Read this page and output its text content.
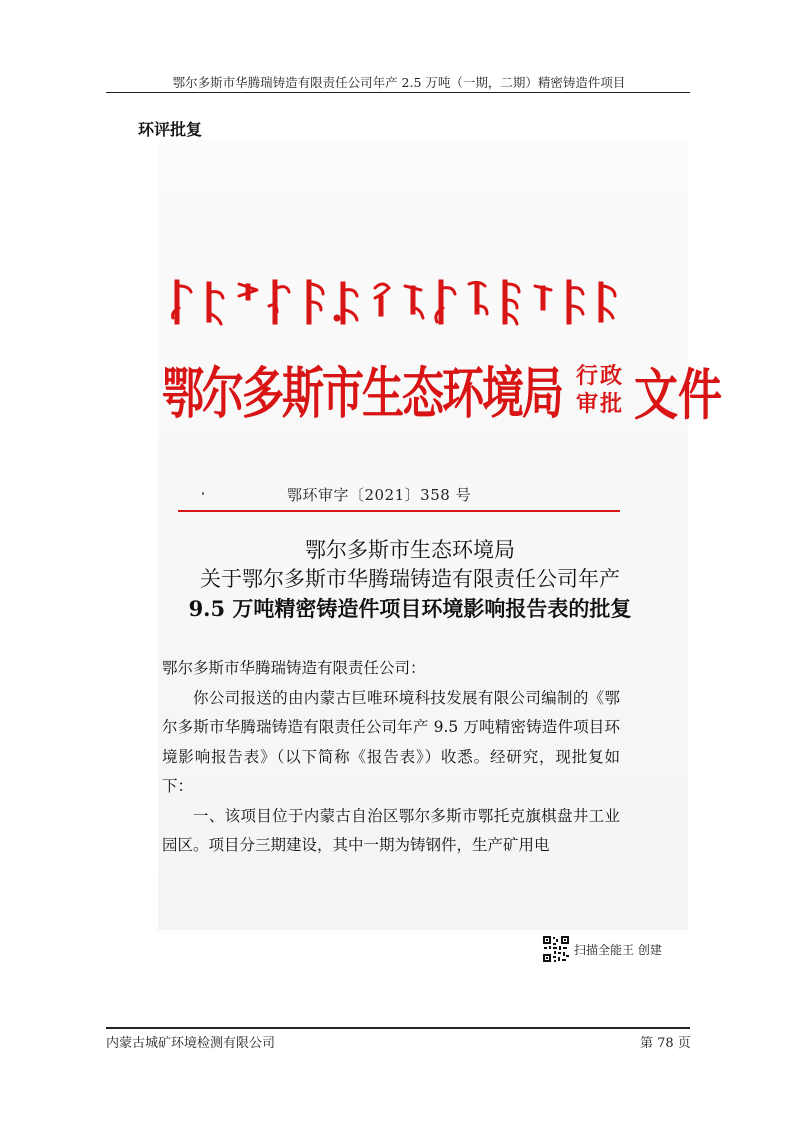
鄂尔多斯市华腾瑞铸造有限责任公司年产 2.5 万吨（一期，二期）精密铸造件项目
环评批复
鄂尔多斯市生态环境局 行政
审批 文件
鄂环审字〔2021〕358 号
鄂尔多斯市生态环境局
关于鄂尔多斯市华腾瑞铸造有限责任公司年产
9.5 万吨精密铸造件项目环境影响报告表的批复

鄂尔多斯市华腾瑞铸造有限责任公司：

你公司报送的由内蒙古巨唯环境科技发展有限公司编制的《鄂尔多斯市华腾瑞铸造有限责任公司年产 9.5 万吨精密铸造件项目环境影响报告表》（以下简称《报告表》）收悉。经研究，现批复如下：

一、该项目位于内蒙古自治区鄂尔多斯市鄂托克旗棋盘井工业园区。项目分三期建设，其中一期为铸钢件，生产矿用电

扫描全能王 创建
内蒙古城矿环境检测有限公司	第 78 页
